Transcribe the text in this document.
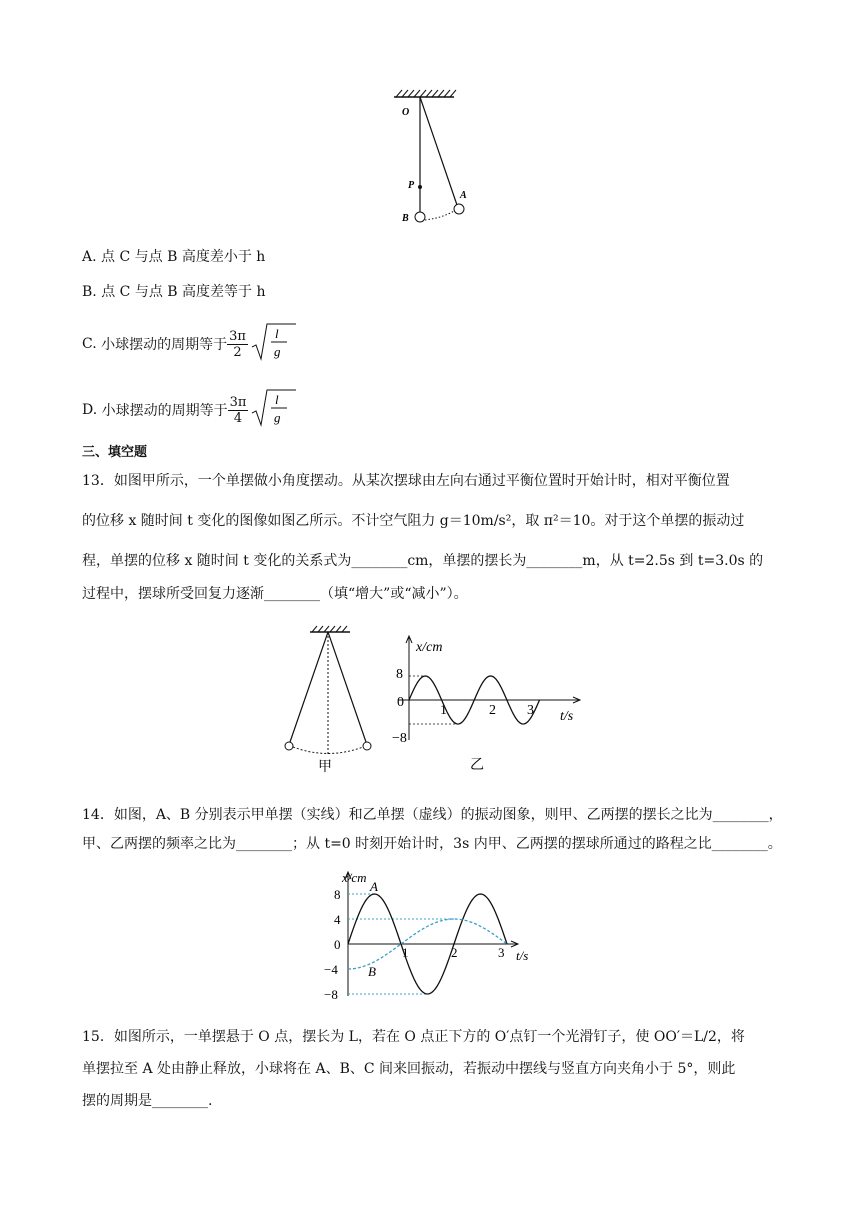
O
P
A
B
A. 点 C 与点 B 高度差小于 h
B. 点 C 与点 B 高度差等于 h
C. 小球摆动的周期等于 $\frac{3\pi}{2}$ l
g
D. 小球摆动的周期等于 $\frac{3\pi}{4}$ l
g
三、填空题
13．如图甲所示，一个单摆做小角度摆动。从某次摆球由左向右通过平衡位置时开始计时，相对平衡位置
的位移 x 随时间 t 变化的图像如图乙所示。不计空气阻力 g＝10m/s²，取 π²＝10。对于这个单摆的振动过
程，单摆的位移 x 随时间 t 变化的关系式为________cm，单摆的摆长为________m，从 t=2.5s 到 t=3.0s 的
过程中，摆球所受回复力逐渐________（填“增大”或“减小”）。
甲
x/cm
t/s
8
−8
0
1	2 3
乙
14．如图，A、B 分别表示甲单摆（实线）和乙单摆（虚线）的振动图象，则甲、乙两摆的摆长之比为________，
甲、乙两摆的频率之比为________；从 t=0 时刻开始计时，3s 内甲、乙两摆的摆球所通过的路程之比________。
x/cm
t/s
8
4
0
−4
−8
1	2	3
A
B
15．如图所示，一单摆悬于 O 点，摆长为 L，若在 O 点正下方的 O′点钉一个光滑钉子，使 OO′＝L/2，将
单摆拉至 A 处由静止释放，小球将在 A、B、C 间来回振动，若振动中摆线与竖直方向夹角小于 5°，则此
摆的周期是________.
